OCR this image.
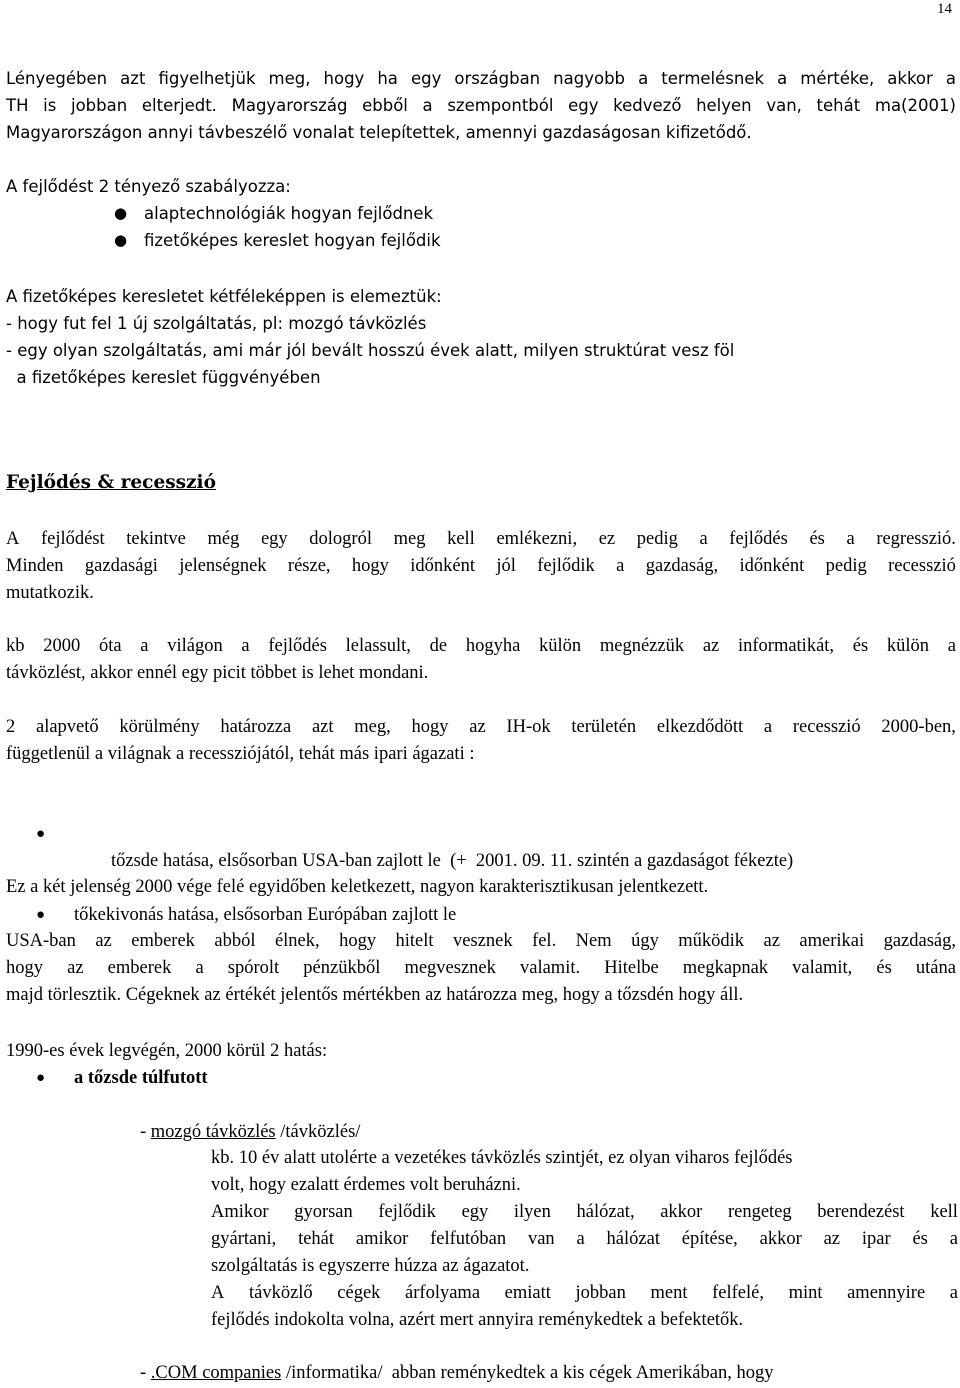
14
Lényegében azt figyelhetjük meg, hogy ha egy országban nagyobb a termelésnek a mértéke, akkor a
TH is jobban elterjedt. Magyarország ebből a szempontból egy kedvező helyen van, tehát ma(2001)
Magyarországon annyi távbeszélő vonalat telepítettek, amennyi gazdaságosan kifizetődő.
A fejlődést 2 tényező szabályozza:
● alaptechnológiák hogyan fejlődnek
● fizetőképes kereslet hogyan fejlődik
A fizetőképes keresletet kétféleképpen is elemeztük:
- hogy fut fel 1 új szolgáltatás, pl: mozgó távközlés
- egy olyan szolgáltatás, ami már jól bevált hosszú évek alatt, milyen struktúrat vesz föl
a fizetőképes kereslet függvényében
Fejlődés & recesszió
A fejlődést tekintve még egy dologról meg kell emlékezni, ez pedig a fejlődés és a regresszió.
Minden gazdasági jelenségnek része, hogy időnként jól fejlődik a gazdaság, időnként pedig recesszió
mutatkozik.
kb 2000 óta a világon a fejlődés lelassult, de hogyha külön megnézzük az informatikát, és külön a
távközlést, akkor ennél egy picit többet is lehet mondani.
2 alapvető körülmény határozza azt meg, hogy az IH-ok területén elkezdődött a recesszió 2000-ben,
függetlenül a világnak a recessziójától, tehát más ipari ágazati :

●

tőzsde hatása, elsősorban USA-ban zajlott le  (+  2001. 09. 11. szintén a gazdaságot fékezte)

● tőkekivonás hatása, elsősorban Európában zajlott le
Ez a két jelenség 2000 vége felé egyidőben keletkezett, nagyon karakterisztikusan jelentkezett.
USA-ban az emberek abból élnek, hogy hitelt vesznek fel. Nem úgy működik az amerikai gazdaság,
hogy az emberek a spórolt pénzükből megvesznek valamit. Hitelbe megkapnak valamit, és utána
majd törlesztik. Cégeknek az értékét jelentős mértékben az határozza meg, hogy a tőzsdén hogy áll.
1990-es évek legvégén, 2000 körül 2 hatás:
● a tőzsde túlfutott
- mozgó távközlés /távközlés/
kb. 10 év alatt utolérte a vezetékes távközlés szintjét, ez olyan viharos fejlődés
volt, hogy ezalatt érdemes volt beruházni.
Amikor gyorsan fejlődik egy ilyen hálózat, akkor rengeteg berendezést kell
gyártani, tehát amikor felfutóban van a hálózat építése, akkor az ipar és a
szolgáltatás is egyszerre húzza az ágazatot.
A távközlő cégek árfolyama emiatt jobban ment felfelé, mint amennyire a
fejlődés indokolta volna, azért mert annyira reménykedtek a befektetők.
- .COM companies /informatika/  abban reménykedtek a kis cégek Amerikában, hogy
